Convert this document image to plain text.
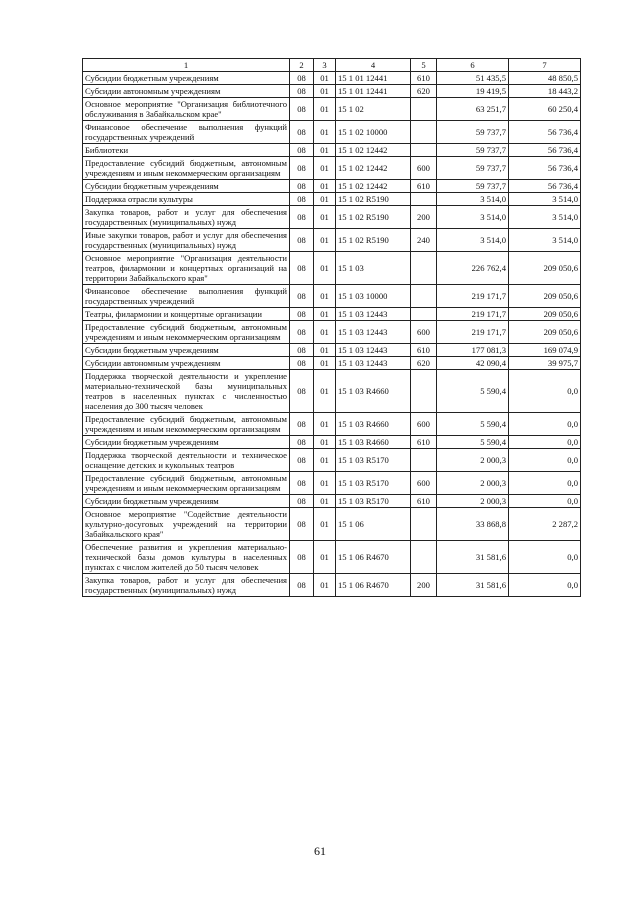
1	2	3	4	5	6	7
Субсидии бюджетным учреждениям	08	01	15 1 01 12441	610	51 435,5	48 850,5
Субсидии автономным учреждениям	08	01	15 1 01 12441	620	19 419,5	18 443,2
Основное мероприятие "Организация библиотечного обслуживания в Забайкальском крае"	08	01	15 1 02		63 251,7	60 250,4
Финансовое обеспечение выполнения функций государственных учреждений	08	01	15 1 02 10000		59 737,7	56 736,4
Библиотеки	08	01	15 1 02 12442		59 737,7	56 736,4
Предоставление субсидий бюджетным, автономным учреждениям и иным некоммерческим организациям	08	01	15 1 02 12442	600	59 737,7	56 736,4
Субсидии бюджетным учреждениям	08	01	15 1 02 12442	610	59 737,7	56 736,4
Поддержка отрасли культуры	08	01	15 1 02 R5190		3 514,0	3 514,0
Закупка товаров, работ и услуг для обеспечения государственных (муниципальных) нужд	08	01	15 1 02 R5190	200	3 514,0	3 514,0
Иные закупки товаров, работ и услуг для обеспечения государственных (муниципальных) нужд	08	01	15 1 02 R5190	240	3 514,0	3 514,0
Основное мероприятие "Организация деятельности театров, филармонии и концертных организаций на территории Забайкальского края"	08	01	15 1 03		226 762,4	209 050,6
Финансовое обеспечение выполнения функций государственных учреждений	08	01	15 1 03 10000		219 171,7	209 050,6
Театры, филармонии и концертные организации	08	01	15 1 03 12443		219 171,7	209 050,6
Предоставление субсидий бюджетным, автономным учреждениям и иным некоммерческим организациям	08	01	15 1 03 12443	600	219 171,7	209 050,6
Субсидии бюджетным учреждениям	08	01	15 1 03 12443	610	177 081,3	169 074,9
Субсидии автономным учреждениям	08	01	15 1 03 12443	620	42 090,4	39 975,7
Поддержка творческой деятельности и укрепление материально-технической базы муниципальных театров в населенных пунктах с численностью населения до 300 тысяч человек	08	01	15 1 03 R4660		5 590,4	0,0
Предоставление субсидий бюджетным, автономным учреждениям и иным некоммерческим организациям	08	01	15 1 03 R4660	600	5 590,4	0,0
Субсидии бюджетным учреждениям	08	01	15 1 03 R4660	610	5 590,4	0,0
Поддержка творческой деятельности и техническое оснащение детских и кукольных театров	08	01	15 1 03 R5170		2 000,3	0,0
Предоставление субсидий бюджетным, автономным учреждениям и иным некоммерческим организациям	08	01	15 1 03 R5170	600	2 000,3	0,0
Субсидии бюджетным учреждениям	08	01	15 1 03 R5170	610	2 000,3	0,0
Основное мероприятие "Содействие деятельности культурно-досуговых учреждений на территории Забайкальского края"	08	01	15 1 06		33 868,8	2 287,2
Обеспечение развития и укрепления материально-технической базы домов культуры в населенных пунктах с числом жителей до 50 тысяч человек	08	01	15 1 06 R4670		31 581,6	0,0
Закупка товаров, работ и услуг для обеспечения государственных (муниципальных) нужд	08	01	15 1 06 R4670	200	31 581,6	0,0
61
